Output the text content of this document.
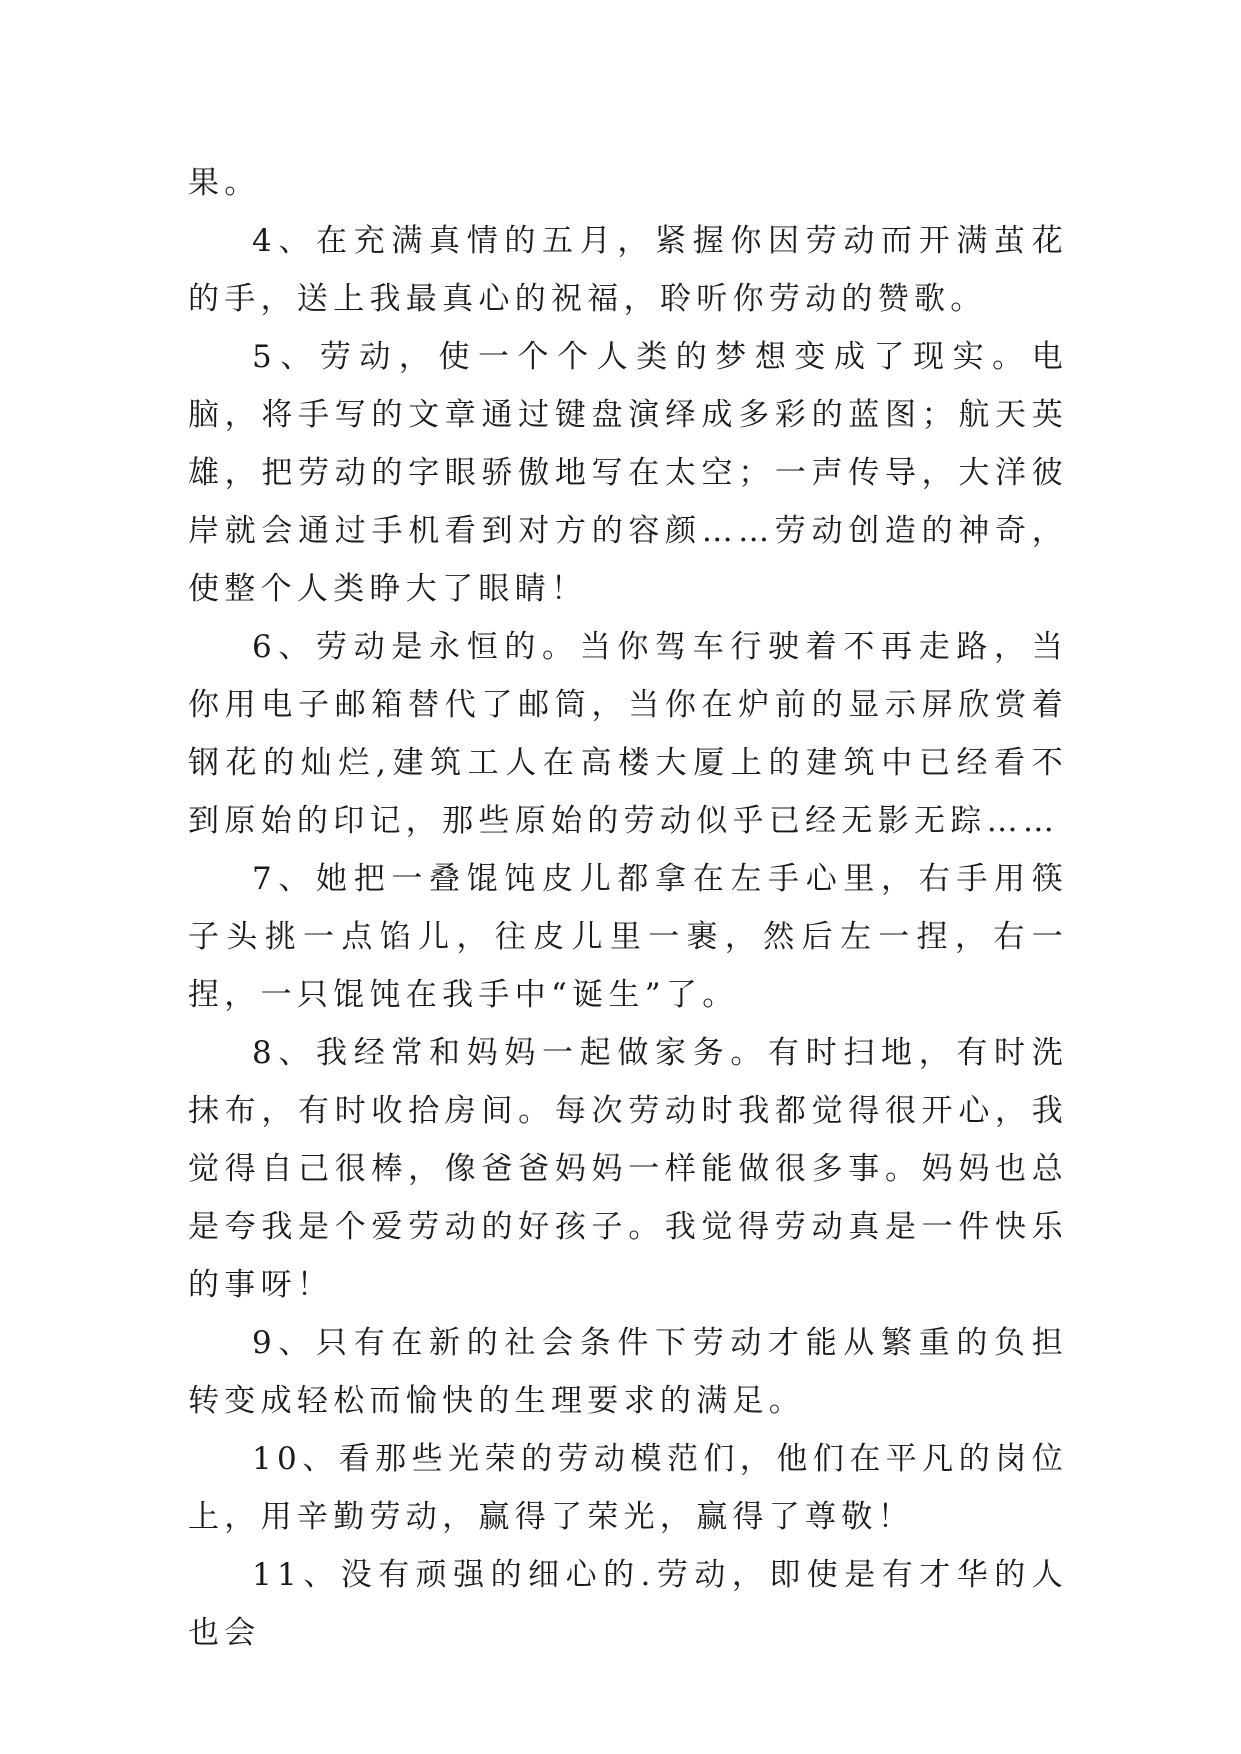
果。

4、在充满真情的五月，紧握你因劳动而开满茧花的手，送上我最真心的祝福，聆听你劳动的赞歌。

5、劳动，使一个个人类的梦想变成了现实。电脑，将手写的文章通过键盘演绎成多彩的蓝图；航天英雄，把劳动的字眼骄傲地写在太空；一声传导，大洋彼岸就会通过手机看到对方的容颜……劳动创造的神奇，使整个人类睁大了眼睛！

6、劳动是永恒的。当你驾车行驶着不再走路，当你用电子邮箱替代了邮筒，当你在炉前的显示屏欣赏着钢花的灿烂,建筑工人在高楼大厦上的建筑中已经看不到原始的印记，那些原始的劳动似乎已经无影无踪……

7、她把一叠馄饨皮儿都拿在左手心里，右手用筷子头挑一点馅儿，往皮儿里一裹，然后左一捏，右一捏，一只馄饨在我手中“诞生”了。

8、我经常和妈妈一起做家务。有时扫地，有时洗抹布，有时收拾房间。每次劳动时我都觉得很开心，我觉得自己很棒，像爸爸妈妈一样能做很多事。妈妈也总是夸我是个爱劳动的好孩子。我觉得劳动真是一件快乐的事呀！

9、只有在新的社会条件下劳动才能从繁重的负担转变成轻松而愉快的生理要求的满足。

10、看那些光荣的劳动模范们，他们在平凡的岗位上，用辛勤劳动，赢得了荣光，赢得了尊敬！

11、没有顽强的细心的.劳动，即使是有才华的人也会
